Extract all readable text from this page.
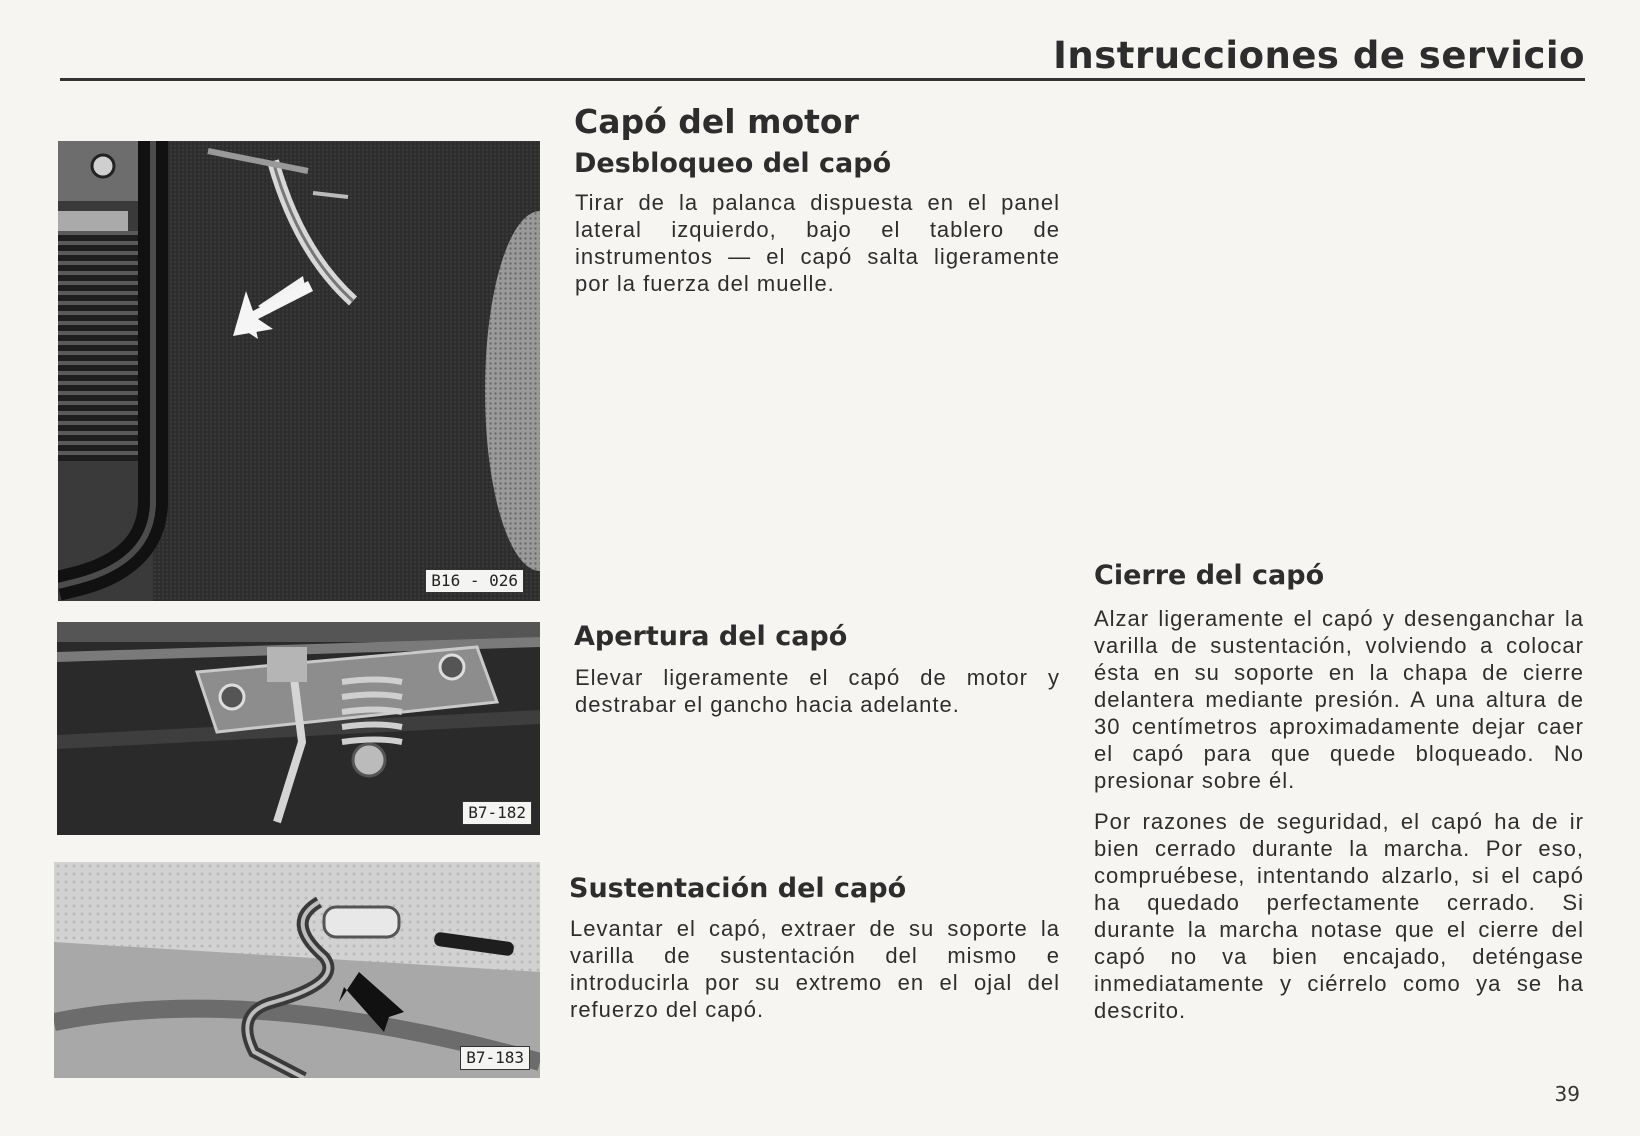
Instrucciones de servicio
B16 - 026
B7-182
B7-183
Capó del motor
Desbloqueo del capó

Tirar de la palanca dispuesta en el panel lateral izquierdo, bajo el tablero de instrumentos — el capó salta ligeramente por la fuerza del muelle.

Apertura del capó

Elevar ligeramente el capó de motor y destrabar el gancho hacia adelante.

Sustentación del capó

Levantar el capó, extraer de su soporte la varilla de sustentación del mismo e introducirla por su extremo en el ojal del refuerzo del capó.

Cierre del capó

Alzar ligeramente el capó y desenganchar la varilla de sustentación, volviendo a colocar ésta en su soporte en la chapa de cierre delantera mediante presión. A una altura de 30 centímetros aproximadamente dejar caer el capó para que quede bloqueado. No presionar sobre él.

Por razones de seguridad, el capó ha de ir bien cerrado durante la marcha. Por eso, compruébese, intentando alzarlo, si el capó ha quedado perfectamente cerrado. Si durante la marcha notase que el cierre del capó no va bien encajado, deténgase inmediatamente y ciérrelo como ya se ha descrito.

39
